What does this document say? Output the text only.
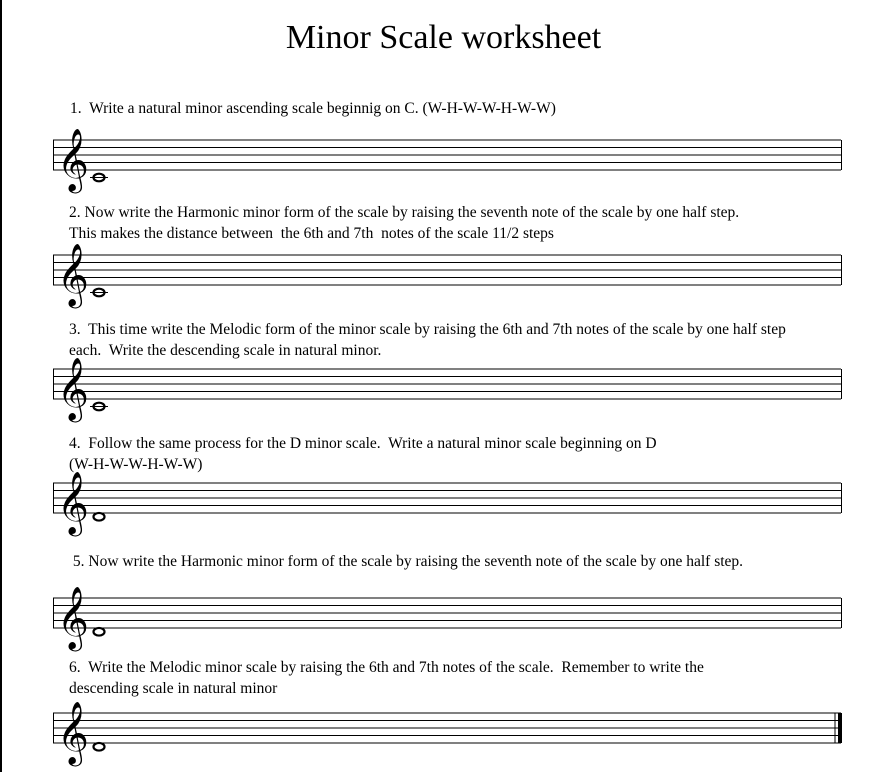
Minor Scale worksheet
1.  Write a natural minor ascending scale beginnig on C. (W-H-W-W-H-W-W)
𝄞
2. Now write the Harmonic minor form of the scale by raising the seventh note of the scale by one half step.
This makes the distance between  the 6th and 7th  notes of the scale 11/2 steps
𝄞
3.  This time write the Melodic form of the minor scale by raising the 6th and 7th notes of the scale by one half step
each.  Write the descending scale in natural minor.
𝄞
4.  Follow the same process for the D minor scale.  Write a natural minor scale beginning on D
(W-H-W-W-H-W-W)
𝄞
5. Now write the Harmonic minor form of the scale by raising the seventh note of the scale by one half step.
𝄞
6.  Write the Melodic minor scale by raising the 6th and 7th notes of the scale.  Remember to write the
descending scale in natural minor
𝄞
